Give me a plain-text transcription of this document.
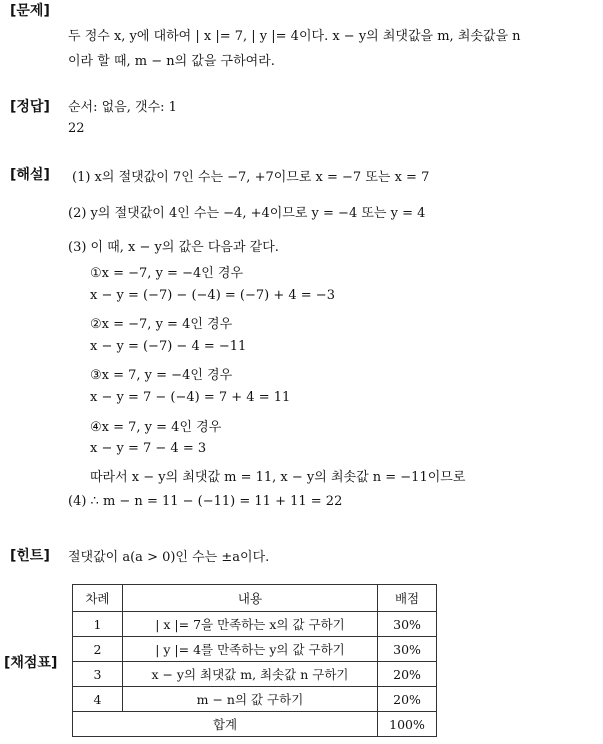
[문제]
[정답]
[해설]
[힌트]
[채점표]
두 정수 x, y에 대하여 | x |= 7, | y |= 4이다. x − y의 최댓값을 m, 최솟값을 n
이라 할 때, m − n의 값을 구하여라.
순서: 없음, 갯수: 1
22
(1) x의 절댓값이 7인 수는 −7, +7이므로 x = −7 또는 x = 7
(2) y의 절댓값이 4인 수는 −4, +4이므로 y = −4 또는 y = 4
(3) 이 때, x − y의 값은 다음과 같다.
①x = −7, y = −4인 경우
x − y = (−7) − (−4) = (−7) + 4 = −3
②x = −7, y = 4인 경우
x − y = (−7) − 4 = −11
③x = 7, y = −4인 경우
x − y = 7 − (−4) = 7 + 4 = 11
④x = 7, y = 4인 경우
x − y = 7 − 4 = 3
따라서 x − y의 최댓값 m = 11, x − y의 최솟값 n = −11이므로
(4) ∴ m − n = 11 − (−11) = 11 + 11 = 22
절댓값이 a(a > 0)인 수는 ±a이다.
차례	내용	배점
1	| x |= 7을 만족하는 x의 값 구하기	30%
2	| y |= 4를 만족하는 y의 값 구하기	30%
3	x − y의 최댓값 m, 최솟값 n 구하기	20%
4	m − n의 값 구하기	20%
합계		100%
